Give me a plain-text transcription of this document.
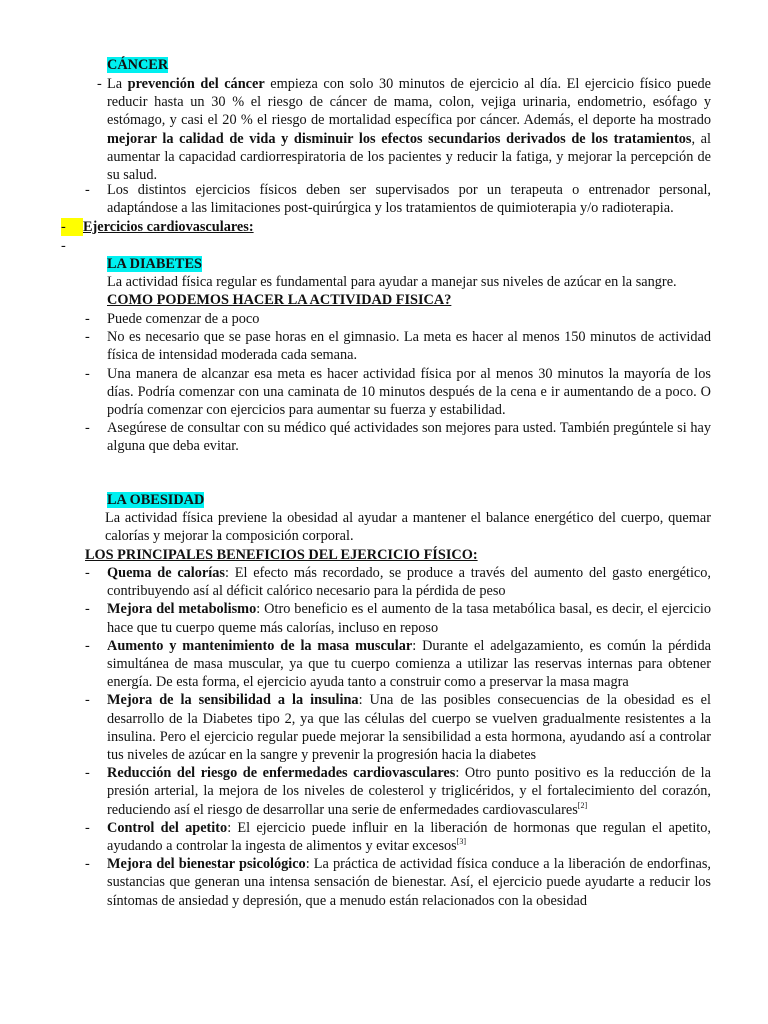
CÁNCER
- La prevención del cáncer empieza con solo 30 minutos de ejercicio al día. El ejercicio físico puede reducir hasta un 30 % el riesgo de cáncer de mama, colon, vejiga urinaria, endometrio, esófago y estómago, y casi el 20 % el riesgo de mortalidad específica por cáncer. Además, el deporte ha mostrado mejorar la calidad de vida y disminuir los efectos secundarios derivados de los tratamientos, al aumentar la capacidad cardiorrespiratoria de los pacientes y reducir la fatiga, y mejorar la percepción de su salud.
- Los distintos ejercicios físicos deben ser supervisados por un terapeuta o entrenador personal, adaptándose a las limitaciones post-quirúrgica y los tratamientos de quimioterapia y/o radioterapia.
- Ejercicios cardiovasculares:
-
LA DIABETES
La actividad física regular es fundamental para ayudar a manejar sus niveles de azúcar en la sangre.
COMO PODEMOS HACER LA ACTIVIDAD FISICA?
- Puede comenzar de a poco
- No es necesario que se pase horas en el gimnasio. La meta es hacer al menos 150 minutos de actividad física de intensidad moderada cada semana.
- Una manera de alcanzar esa meta es hacer actividad física por al menos 30 minutos la mayoría de los días. Podría comenzar con una caminata de 10 minutos después de la cena e ir aumentando de a poco. O podría comenzar con ejercicios para aumentar su fuerza y estabilidad.
- Asegúrese de consultar con su médico qué actividades son mejores para usted. También pregúntele si hay alguna que deba evitar.
LA OBESIDAD
La actividad física previene la obesidad al ayudar a mantener el balance energético del cuerpo, quemar calorías y mejorar la composición corporal.
LOS PRINCIPALES BENEFICIOS DEL EJERCICIO FÍSICO:
- Quema de calorías: El efecto más recordado, se produce a través del aumento del gasto energético, contribuyendo así al déficit calórico necesario para la pérdida de peso
- Mejora del metabolismo: Otro beneficio es el aumento de la tasa metabólica basal, es decir, el ejercicio hace que tu cuerpo queme más calorías, incluso en reposo
- Aumento y mantenimiento de la masa muscular: Durante el adelgazamiento, es común la pérdida simultánea de masa muscular, ya que tu cuerpo comienza a utilizar las reservas internas para obtener energía. De esta forma, el ejercicio ayuda tanto a construir como a preservar la masa magra
- Mejora de la sensibilidad a la insulina: Una de las posibles consecuencias de la obesidad es el desarrollo de la Diabetes tipo 2, ya que las células del cuerpo se vuelven gradualmente resistentes a la insulina. Pero el ejercicio regular puede mejorar la sensibilidad a esta hormona, ayudando así a controlar tus niveles de azúcar en la sangre y prevenir la progresión hacia la diabetes
- Reducción del riesgo de enfermedades cardiovasculares: Otro punto positivo es la reducción de la presión arterial, la mejora de los niveles de colesterol y triglicéridos, y el fortalecimiento del corazón, reduciendo así el riesgo de desarrollar una serie de enfermedades cardiovasculares[2]
- Control del apetito: El ejercicio puede influir en la liberación de hormonas que regulan el apetito, ayudando a controlar la ingesta de alimentos y evitar excesos[3]
- Mejora del bienestar psicológico: La práctica de actividad física conduce a la liberación de endorfinas, sustancias que generan una intensa sensación de bienestar. Así, el ejercicio puede ayudarte a reducir los síntomas de ansiedad y depresión, que a menudo están relacionados con la obesidad
